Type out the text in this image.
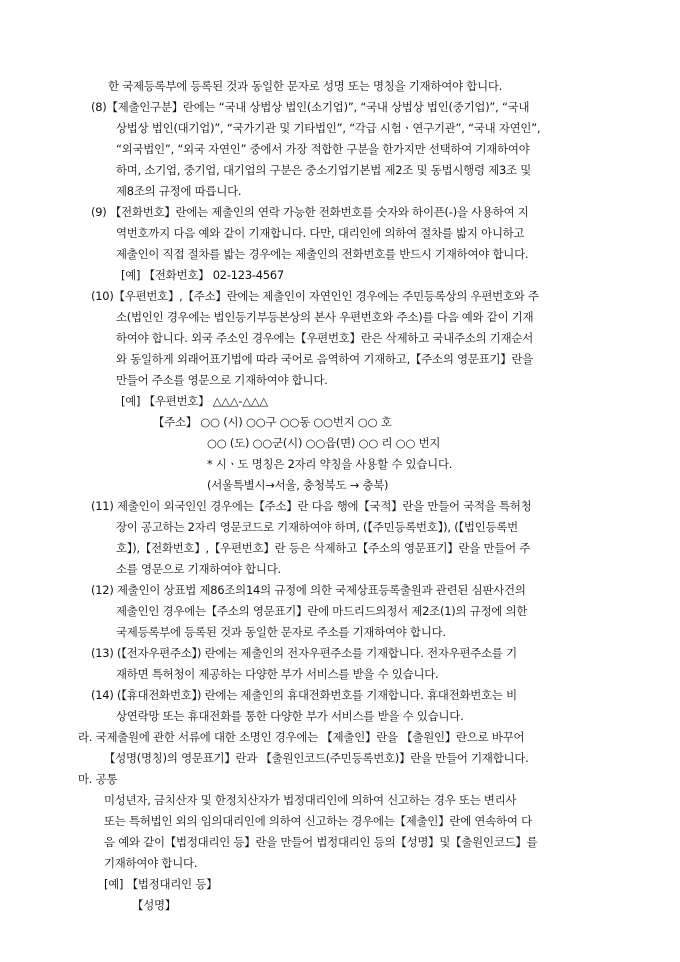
한 국제등록부에 등록된 것과 동일한 문자로 성명 또는 명칭을 기재하여야 합니다.
(8)【제출인구분】란에는 “국내 상법상 법인(소기업)”, “국내 상법상 법인(중기업)”, “국내
상법상 법인(대기업)”, “국가기관 및 기타법인”, “각급 시험ㆍ연구기관”, “국내 자연인”,
“외국법인”, “외국 자연인” 중에서 가장 적합한 구분을 한가지만 선택하여 기재하여야
하며, 소기업, 중기업, 대기업의 구분은 중소기업기본법 제2조 및 동법시행령 제3조 및
제8조의 규정에 따릅니다.
(9) 【전화번호】란에는 제출인의 연락 가능한 전화번호를 숫자와 하이픈(-)을 사용하여 지
역번호까지 다음 예와 같이 기재합니다. 다만, 대리인에 의하여 절차를 밟지 아니하고
제출인이 직접 절차를 밟는 경우에는 제출인의 전화번호를 반드시 기재하여야 합니다.
[예] 【전화번호】 02-123-4567
(10)【우편번호】,【주소】란에는 제출인이 자연인인 경우에는 주민등록상의 우편번호와 주
소(법인인 경우에는 법인등기부등본상의 본사 우편번호와 주소)를 다음 예와 같이 기재
하여야 합니다. 외국 주소인 경우에는【우편번호】란은 삭제하고 국내주소의 기재순서
와 동일하게 외래어표기법에 따라 국어로 음역하여 기재하고,【주소의 영문표기】란을
만들어 주소를 영문으로 기재하여야 합니다.
[예] 【우편번호】 △△△-△△△
【주소】 ○○ (시) ○○구 ○○동 ○○번지 ○○ 호
○○ (도) ○○군(시) ○○읍(면) ○○ 리 ○○ 번지
* 시ㆍ도 명칭은 2자리 약칭을 사용할 수 있습니다.
(서울특별시→서울, 충청북도 → 충북)
(11) 제출인이 외국인인 경우에는【주소】란 다음 행에【국적】란을 만들어 국적을 특허청
장이 공고하는 2자리 영문코드로 기재하여야 하며, (【주민등록번호】), (【법인등록번
호】),【전화번호】,【우편번호】란 등은 삭제하고【주소의 영문표기】란을 만들어 주
소를 영문으로 기재하여야 합니다.
(12) 제출인이 상표법 제86조의14의 규정에 의한 국제상표등록출원과 관련된 심판사건의
제출인인 경우에는【주소의 영문표기】란에 마드리드의정서 제2조(1)의 규정에 의한
국제등록부에 등록된 것과 동일한 문자로 주소를 기재하여야 합니다.
(13) (【전자우편주소】) 란에는 제출인의 전자우편주소를 기재합니다. 전자우편주소를 기
재하면 특허청이 제공하는 다양한 부가 서비스를 받을 수 있습니다.
(14) (【휴대전화번호】) 란에는 제출인의 휴대전화번호를 기재합니다. 휴대전화번호는 비
상연락망 또는 휴대전화를 통한 다양한 부가 서비스를 받을 수 있습니다.
라. 국제출원에 관한 서류에 대한 소명인 경우에는 【제출인】란을 【출원인】란으로 바꾸어
【성명(명칭)의 영문표기】란과 【출원인코드(주민등록번호)】란을 만들어 기재합니다.
마. 공통
미성년자, 금치산자 및 한정치산자가 법정대리인에 의하여 신고하는 경우 또는 변리사
또는 특허법인 외의 임의대리인에 의하여 신고하는 경우에는【제출인】란에 연속하여 다
음 예와 같이【법정대리인 등】란을 만들어 법정대리인 등의【성명】및【출원인코드】를
기재하여야 합니다.
[예] 【법정대리인 등】
【성명】
